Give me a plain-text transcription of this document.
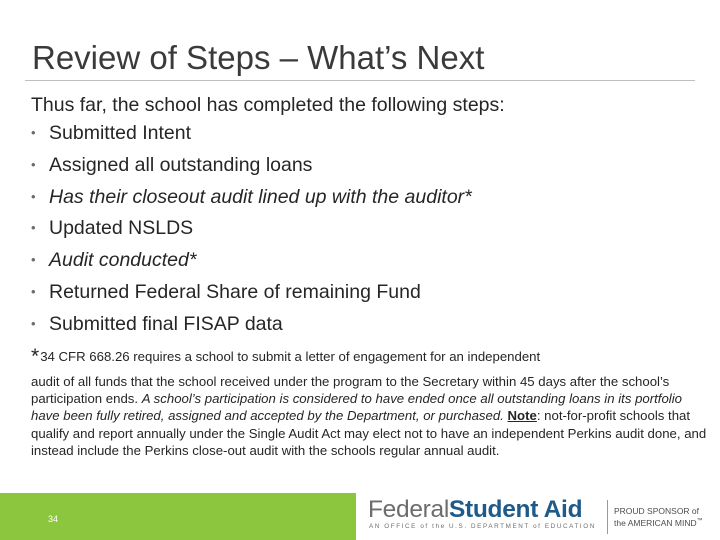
Review of Steps – What’s Next
Thus far, the school has completed the following steps:
• Submitted Intent
• Assigned all outstanding loans
• Has their closeout audit lined up with the auditor*
• Updated NSLDS
• Audit conducted*
• Returned Federal Share of remaining Fund
• Submitted final FISAP data
*34 CFR 668.26 requires a school to submit a letter of engagement for an independent
audit of all funds that the school received under the program to the Secretary within 45 days after the school’s participation ends. A school’s participation is considered to have ended once all outstanding loans in its portfolio have been fully retired, assigned and accepted by the Department, or purchased. Note: not-for-profit schools that qualify and report annually under the Single Audit Act may elect not to have an independent Perkins audit done, and instead include the Perkins close-out audit with the schools regular annual audit.
34	FederalStudent Aid
AN OFFICE of the U.S. DEPARTMENT of EDUCATION
PROUD SPONSOR of
the AMERICAN MIND™
